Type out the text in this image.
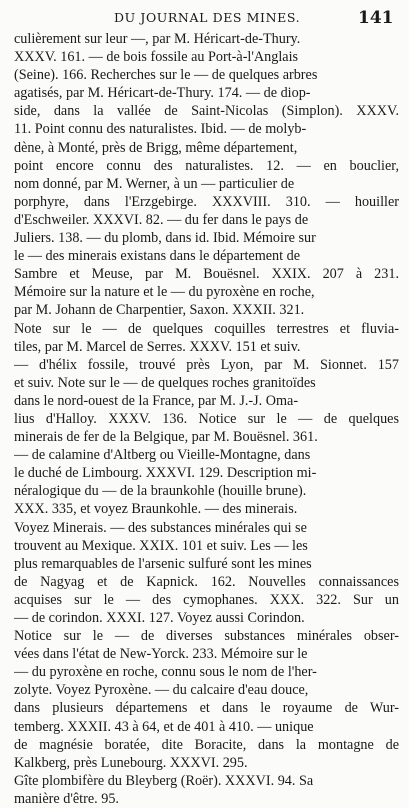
DU JOURNAL DES MINES.	141
culièrement sur leur —, par M. Héricart-de-Thury.
XXXV. 161. — de bois fossile au Port-à-l'Anglais
(Seine). 166. Recherches sur le — de quelques arbres
agatisés, par M. Héricart-de-Thury. 174. — de diop-
side, dans la vallée de Saint-Nicolas (Simplon). XXXV.
11. Point connu des naturalistes. Ibid. — de molyb-
dène, à Monté, près de Brigg, même département,
point encore connu des naturalistes. 12. — en bouclier,
nom donné, par M. Werner, à un — particulier de
porphyre, dans l'Erzgebirge. XXXVIII. 310. — houiller
d'Eschweiler. XXXVI. 82. — du fer dans le pays de
Juliers. 138. — du plomb, dans id. Ibid. Mémoire sur
le — des minerais existans dans le département de
Sambre et Meuse, par M. Bouësnel. XXIX. 207 à 231.
Mémoire sur la nature et le — du pyroxène en roche,
par M. Johann de Charpentier, Saxon. XXXII. 321.
Note sur le — de quelques coquilles terrestres et fluvia-
tiles, par M. Marcel de Serres. XXXV. 151 et suiv.
— d'hélix fossile, trouvé près Lyon, par M. Sionnet. 157
et suiv. Note sur le — de quelques roches granitoïdes
dans le nord-ouest de la France, par M. J.-J. Oma-
lius d'Halloy. XXXV. 136. Notice sur le — de quelques
minerais de fer de la Belgique, par M. Bouësnel. 361.
— de calamine d'Altberg ou Vieille-Montagne, dans
le duché de Limbourg. XXXVI. 129. Description mi-
néralogique du — de la braunkohle (houille brune).
XXX. 335, et voyez Braunkohle. — des minerais.
Voyez Minerais. — des substances minérales qui se
trouvent au Mexique. XXIX. 101 et suiv. Les — les
plus remarquables de l'arsenic sulfuré sont les mines
de Nagyag et de Kapnick. 162. Nouvelles connaissances
acquises sur le — des cymophanes. XXX. 322. Sur un
— de corindon. XXXI. 127. Voyez aussi Corindon.
Notice sur le — de diverses substances minérales obser-
vées dans l'état de New-Yorck. 233. Mémoire sur le
— du pyroxène en roche, connu sous le nom de l'her-
zolyte. Voyez Pyroxène. — du calcaire d'eau douce,
dans plusieurs départemens et dans le royaume de Wur-
temberg. XXXII. 43 à 64, et de 401 à 410. — unique
de magnésie boratée, dite Boracite, dans la montagne de
Kalkberg, près Lunebourg. XXXVI. 295.
Gîte plombifère du Bleyberg (Roër). XXXVI. 94. Sa
manière d'être. 95.
